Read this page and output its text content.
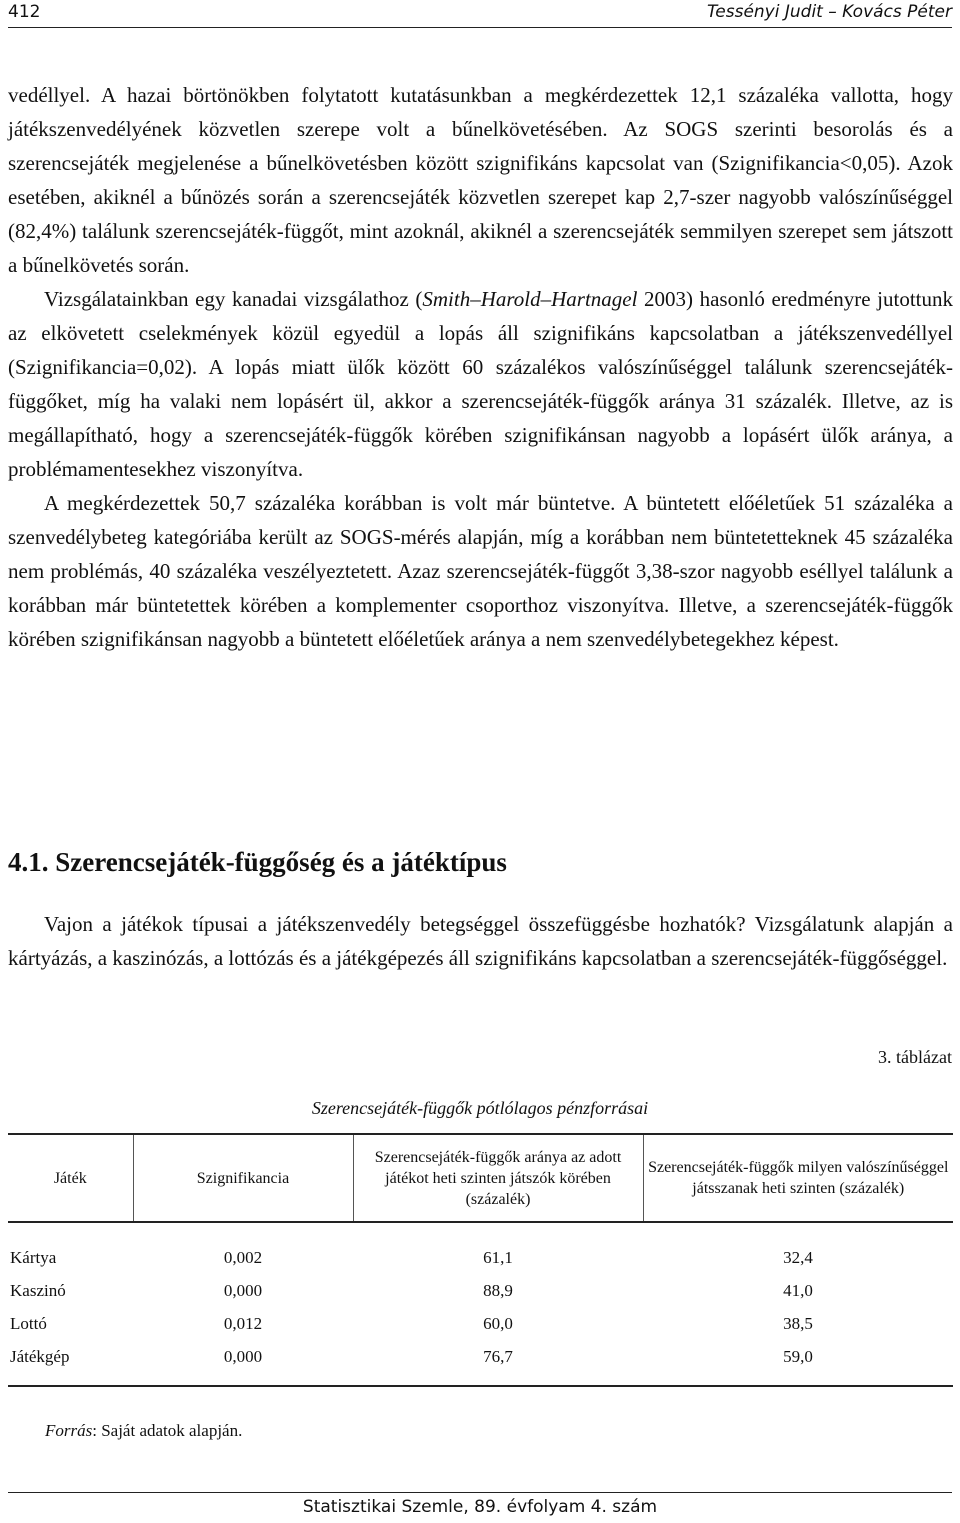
412	Tessényi Judit – Kovács Péter

vedéllyel. A hazai börtönökben folytatott kutatásunkban a megkérdezettek 12,1 százaléka vallotta, hogy játékszenvedélyének közvetlen szerepe volt a bűnelkövetésében. Az SOGS szerinti besorolás és a szerencsejáték megjelenése a bűnelkövetésben között szignifikáns kapcsolat van (Szignifikancia<0,05). Azok esetében, akiknél a bűnözés során a szerencsejáték közvetlen szerepet kap 2,7-szer nagyobb valószínűséggel (82,4%) találunk szerencsejáték-függőt, mint azoknál, akiknél a szerencsejáték semmilyen szerepet sem játszott a bűnelkövetés során.

Vizsgálatainkban egy kanadai vizsgálathoz (Smith–Harold–Hartnagel 2003) hasonló eredményre jutottunk az elkövetett cselekmények közül egyedül a lopás áll szignifikáns kapcsolatban a játékszenvedéllyel (Szignifikancia=0,02). A lopás miatt ülők között 60 százalékos valószínűséggel találunk szerencsejáték-függőket, míg ha valaki nem lopásért ül, akkor a szerencsejáték-függők aránya 31 százalék. Illetve, az is megállapítható, hogy a szerencsejáték-függők körében szignifikánsan nagyobb a lopásért ülők aránya, a problémamentesekhez viszonyítva.

A megkérdezettek 50,7 százaléka korábban is volt már büntetve. A büntetett előéletűek 51 százaléka a szenvedélybeteg kategóriába került az SOGS-mérés alapján, míg a korábban nem büntetetteknek 45 százaléka nem problémás, 40 százaléka veszélyeztetett. Azaz szerencsejáték-függőt 3,38-szor nagyobb eséllyel találunk a korábban már büntetettek körében a komplementer csoporthoz viszonyítva. Illetve, a szerencsejáték-függők körében szignifikánsan nagyobb a büntetett előéletűek aránya a nem szenvedélybetegekhez képest.

4.1. Szerencsejáték-függőség és a játéktípus

Vajon a játékok típusai a játékszenvedély betegséggel összefüggésbe hozhatók? Vizsgálatunk alapján a kártyázás, a kaszinózás, a lottózás és a játékgépezés áll szignifikáns kapcsolatban a szerencsejáték-függőséggel.

3. táblázat
Szerencsejáték-függők pótlólagos pénzforrásai
Játék	Szignifikancia	Szerencsejáték-függők aránya az adott játékot heti szinten játszók körében (százalék)	Szerencsejáték-függők milyen valószínűséggel játsszanak heti szinten (százalék)

Kártya	0,002	61,1	32,4
Kaszinó	0,000	88,9	41,0
Lottó	0,012	60,0	38,5
Játékgép	0,000	76,7	59,0

Forrás: Saját adatok alapján.
Statisztikai Szemle, 89. évfolyam 4. szám
